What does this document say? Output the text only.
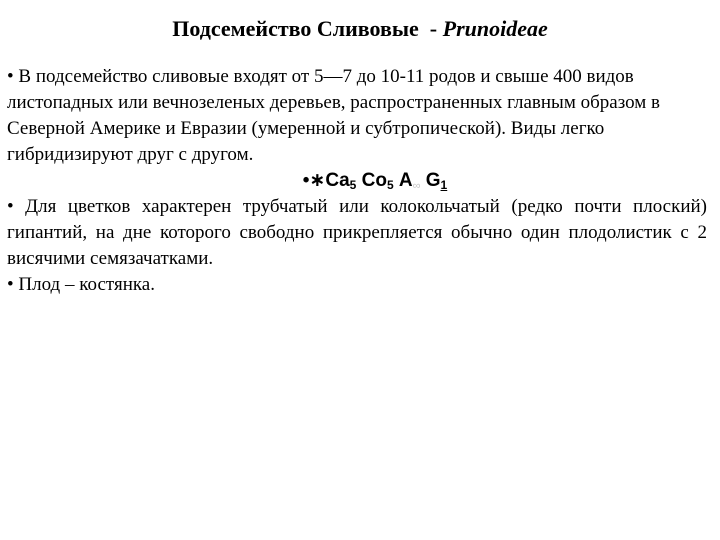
Подсемейство Сливовые  - Prunoideae

• В подсемейство сливовые входят от 5—7 до 10-11 родов и свыше 400 видов листопадных или вечнозеленых деревьев, распространенных главным образом в Северной Америке и Евразии (умеренной и субтропической). Виды легко гибридизируют друг с другом.

$•∗Ca_5$ $Co_5$ $A_\infty$ $G_1$

• Для цветков характерен трубчатый или колокольчатый (редко почти плоский) гипантий, на дне которого свободно прикрепляется обычно один плодолистик с 2 висячими семязачатками.

• Плод – костянка.
